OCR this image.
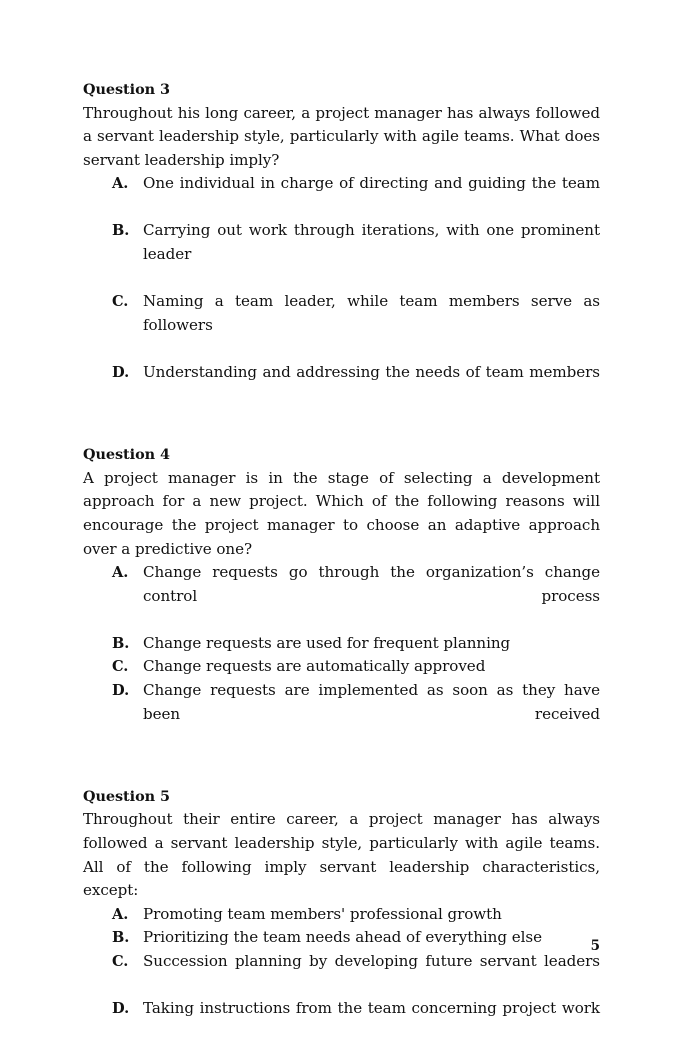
Question 3

Throughout his long career, a project manager has always followed a servant leadership style, particularly with agile teams. What does servant leadership imply?

A. One individual in charge of directing and guiding the team
B. Carrying out work through iterations, with one prominent leader
C. Naming a team leader, while team members serve as followers
D. Understanding and addressing the needs of team members
Question 4

A project manager is in the stage of selecting a development approach for a new project. Which of the following reasons will encourage the project manager to choose an adaptive approach over a predictive one?

A. Change requests go through the organization’s change control process
B. Change requests are used for frequent planning
C. Change requests are automatically approved
D. Change requests are implemented as soon as they have been received
Question 5

Throughout their entire career, a project manager has always followed a servant leadership style, particularly with agile teams. All of the following imply servant leadership characteristics, except:

A. Promoting team members' professional growth
B. Prioritizing the team needs ahead of everything else
C. Succession planning by developing future servant leaders
D. Taking instructions from the team concerning project work
5
